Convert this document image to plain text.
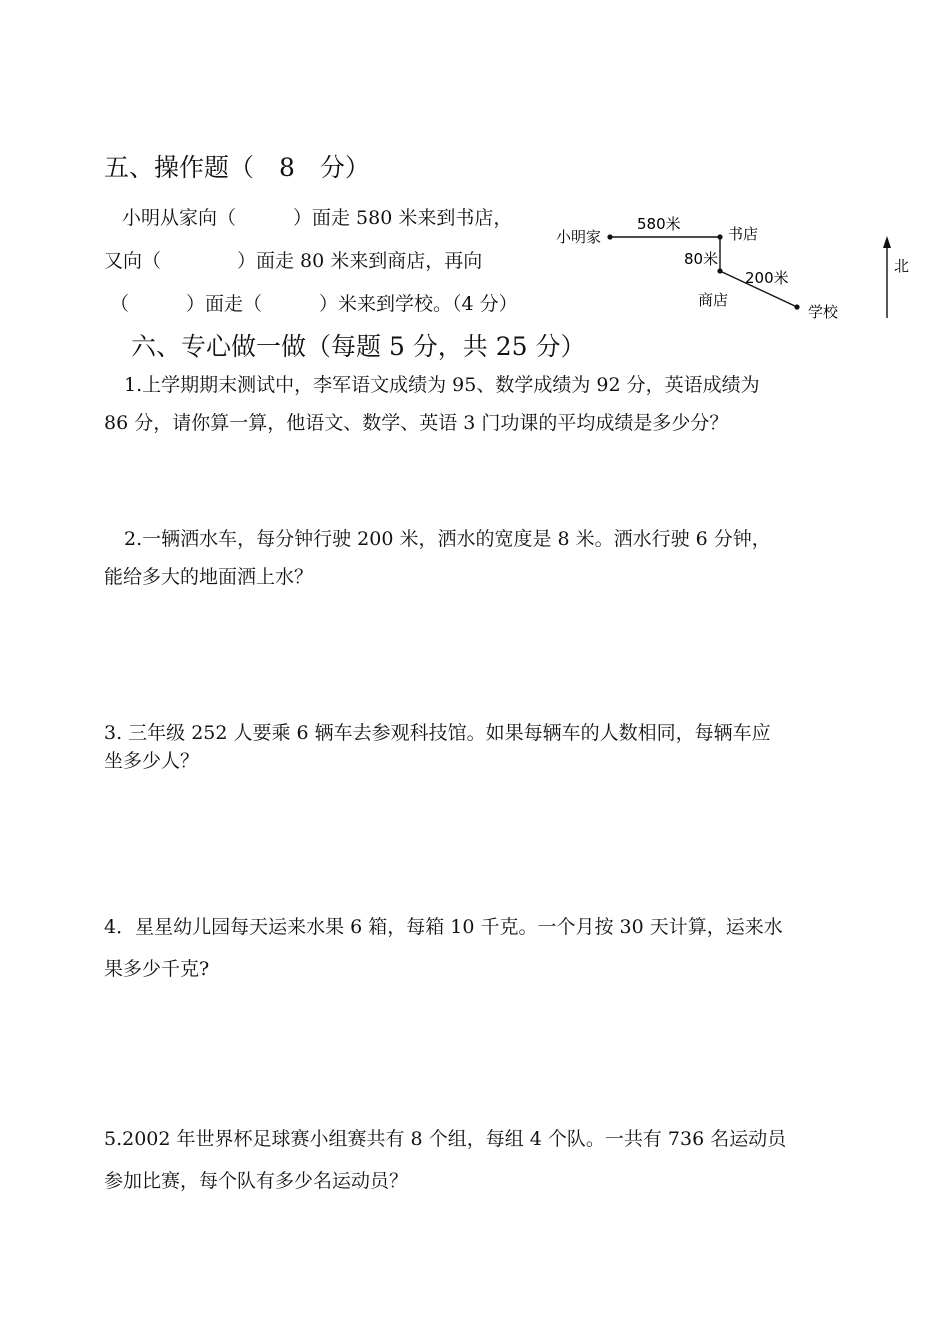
五、操作题（　8　分）
小明从家向（　　　）面走 580 米来到书店，
又向（　　　　）面走 80 米来到商店，再向
（　　　）面走（　　　）米来到学校。（4 分）
小明家
580米
书店
80米
200米
商店
学校
北
六、专心做一做（每题 5 分，共 25 分）
1.上学期期末测试中，李军语文成绩为 95、数学成绩为 92 分，英语成绩为
86 分，请你算一算，他语文、数学、英语 3 门功课的平均成绩是多少分？
2.一辆洒水车，每分钟行驶 200 米，洒水的宽度是 8 米。洒水行驶 6 分钟，
能给多大的地面洒上水？
3. 三年级 252 人要乘 6 辆车去参观科技馆。如果每辆车的人数相同，每辆车应
坐多少人？
4．星星幼儿园每天运来水果 6 箱，每箱 10 千克。一个月按 30 天计算，运来水
果多少千克?
5.2002 年世界杯足球赛小组赛共有 8 个组，每组 4 个队。一共有 736 名运动员
参加比赛，每个队有多少名运动员？
